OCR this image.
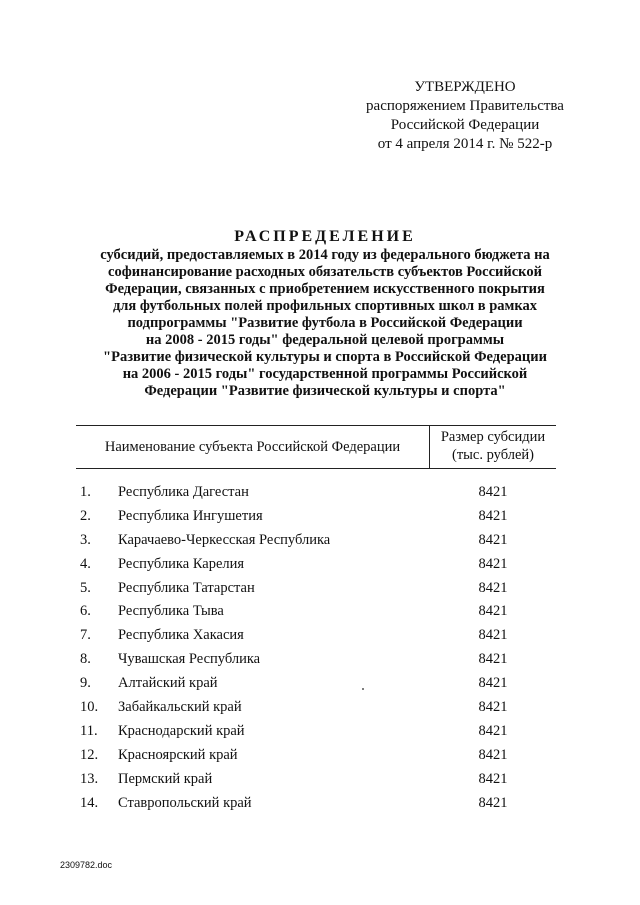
УТВЕРЖДЕНО
распоряжением Правительства
Российской Федерации
от 4 апреля 2014 г. № 522-р
РАСПРЕДЕЛЕНИЕ
субсидий, предоставляемых в 2014 году из федерального бюджета на
софинансирование расходных обязательств субъектов Российской
Федерации, связанных с приобретением искусственного покрытия
для футбольных полей профильных спортивных школ в рамках
подпрограммы "Развитие футбола в Российской Федерации
на 2008 - 2015 годы" федеральной целевой программы
"Развитие физической культуры и спорта в Российской Федерации
на 2006 - 2015 годы" государственной программы Российской
Федерации "Развитие физической культуры и спорта"
Наименование субъекта Российской Федерации
Размер субсидии
(тыс. рублей)
1.	Республика Дагестан	8421
2.	Республика Ингушетия	8421
3.	Карачаево-Черкесская Республика	8421
4.	Республика Карелия	8421
5.	Республика Татарстан	8421
6.	Республика Тыва	8421
7.	Республика Хакасия	8421
8.	Чувашская Республика	8421
9.	Алтайский край	8421
10.	Забайкальский край	8421
11.	Краснодарский край	8421
12.	Красноярский край	8421
13.	Пермский край	8421
14.	Ставропольский край	8421
2309782.doc
